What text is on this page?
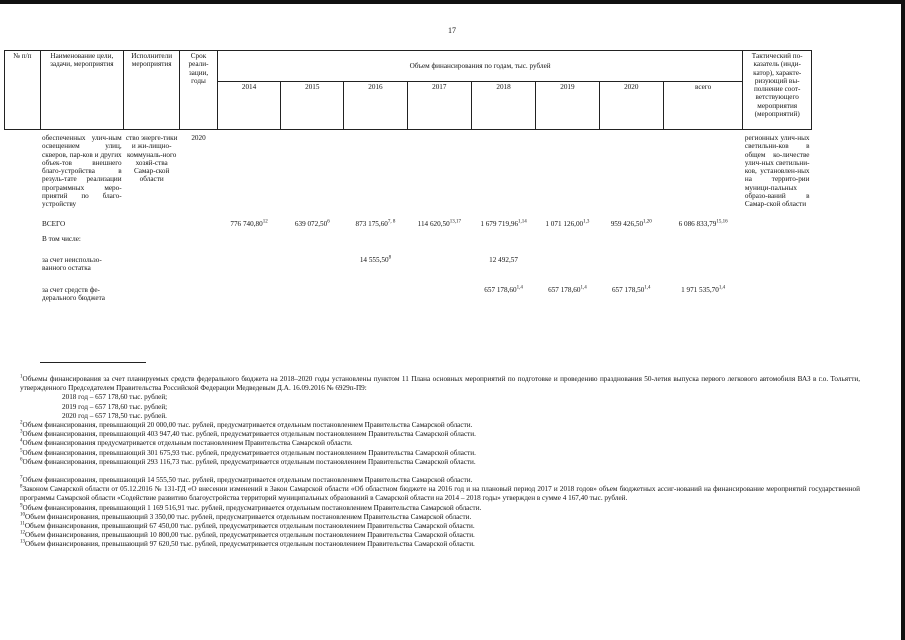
17
№ п/п	Наименование цели, задачи, мероприятия	Исполнители мероприятия	Срок реали-зации, годы	Объем финансирования по годам, тыс. рублей								Тактический по-казатель (инди-катор), характе-ризующий вы-полнение соот-ветствующего мероприятия (мероприятий)
				2014	2015	2016	2017	2018	2019	2020	всего	
	обеспеченных улич-ным освещением улиц, скверов, пар-ков и других объек-тов внешнего благо-устройства в резуль-тате реализации программных меро-приятий по благо-устройству	ство энерге-тики и жи-лищно-коммуналь-ного хозяй-ства Самар-ской области	2020									регионных улич-ных светильни-ков в общем ко-личестве улич-ных светильни-ков, установлен-ных на террито-рии муници-пальных образо-ваний в Самар-ской области
	ВСЕГО			776 740,80$^{12}$	639 072,50$^6$	873 175,60$^{7, 8}$	114 620,50$^{13,17}$	1 679 719,96$^{1,14}$	1 071 126,00$^{1,3}$	959 426,50$^{1,20}$	6 086 833,79$^{15,16}$
	В том числе:											
	за счет неиспользо-ванного остатка					14 555,50$^8$		12 492,57				
	за счет средств фе-дерального бюджета							657 178,60$^{1,4}$	657 178,60$^{1,4}$	657 178,50$^{1,4}$	1 971 535,70$^{1,4}$	

$^1$Объемы финансирования за счет планируемых средств федерального бюджета на 2018–2020 годы установлены пунктом 11 Плана основных мероприятий по подготовке и проведению празднования 50-летия выпуска первого легкового автомобиля ВАЗ в г.о. Тольятти, утвержденного Председателем Правительства Российской Федерации Медведевым Д.А. 16.09.2016 № 6929п-П9:

2018 год – 657 178,60 тыс. рублей;

2019 год – 657 178,60 тыс. рублей;

2020 год – 657 178,50 тыс. рублей.

$^2$Объем финансирования, превышающий 20 000,00 тыс. рублей, предусматривается отдельным постановлением Правительства Самарской области.

$^3$Объем финансирования, превышающий 403 947,40 тыс. рублей, предусматривается отдельным постановлением Правительства Самарской области.

$^4$Объем финансирования предусматривается отдельным постановлением Правительства Самарской области.

$^5$Объем финансирования, превышающий 301 675,93 тыс. рублей, предусматривается отдельным постановлением Правительства Самарской области.

$^6$Объем финансирования, превышающий 293 116,73 тыс. рублей, предусматривается отдельным постановлением Правительства Самарской области.

$^7$Объем финансирования, превышающий 14 555,50 тыс. рублей, предусматривается отдельным постановлением Правительства Самарской области.

$^8$Законом Самарской области от 05.12.2016 № 131-ГД «О внесении изменений в Закон Самарской области «Об областном бюджете на 2016 год и на плановый период 2017 и 2018 годов» объем бюджетных ассиг-нований на финансирование мероприятий государственной программы Самарской области «Содействие развитию благоустройства территорий муниципальных образований в Самарской области на 2014 – 2018 годы» утвержден в сумме 4 167,40 тыс. рублей.

$^9$Объем финансирования, превышающий 1 169 516,91 тыс. рублей, предусматривается отдельным постановлением Правительства Самарской области.

$^{10}$Объем финансирования, превышающий 3 350,00 тыс. рублей, предусматривается отдельным постановлением Правительства Самарской области.

$^{11}$Объем финансирования, превышающий 67 450,00 тыс. рублей, предусматривается отдельным постановлением Правительства Самарской области.

$^{12}$Объем финансирования, превышающий 10 800,00 тыс. рублей, предусматривается отдельным постановлением Правительства Самарской области.

$^{13}$Объем финансирования, превышающий 97 620,50 тыс. рублей, предусматривается отдельным постановлением Правительства Самарской области.
